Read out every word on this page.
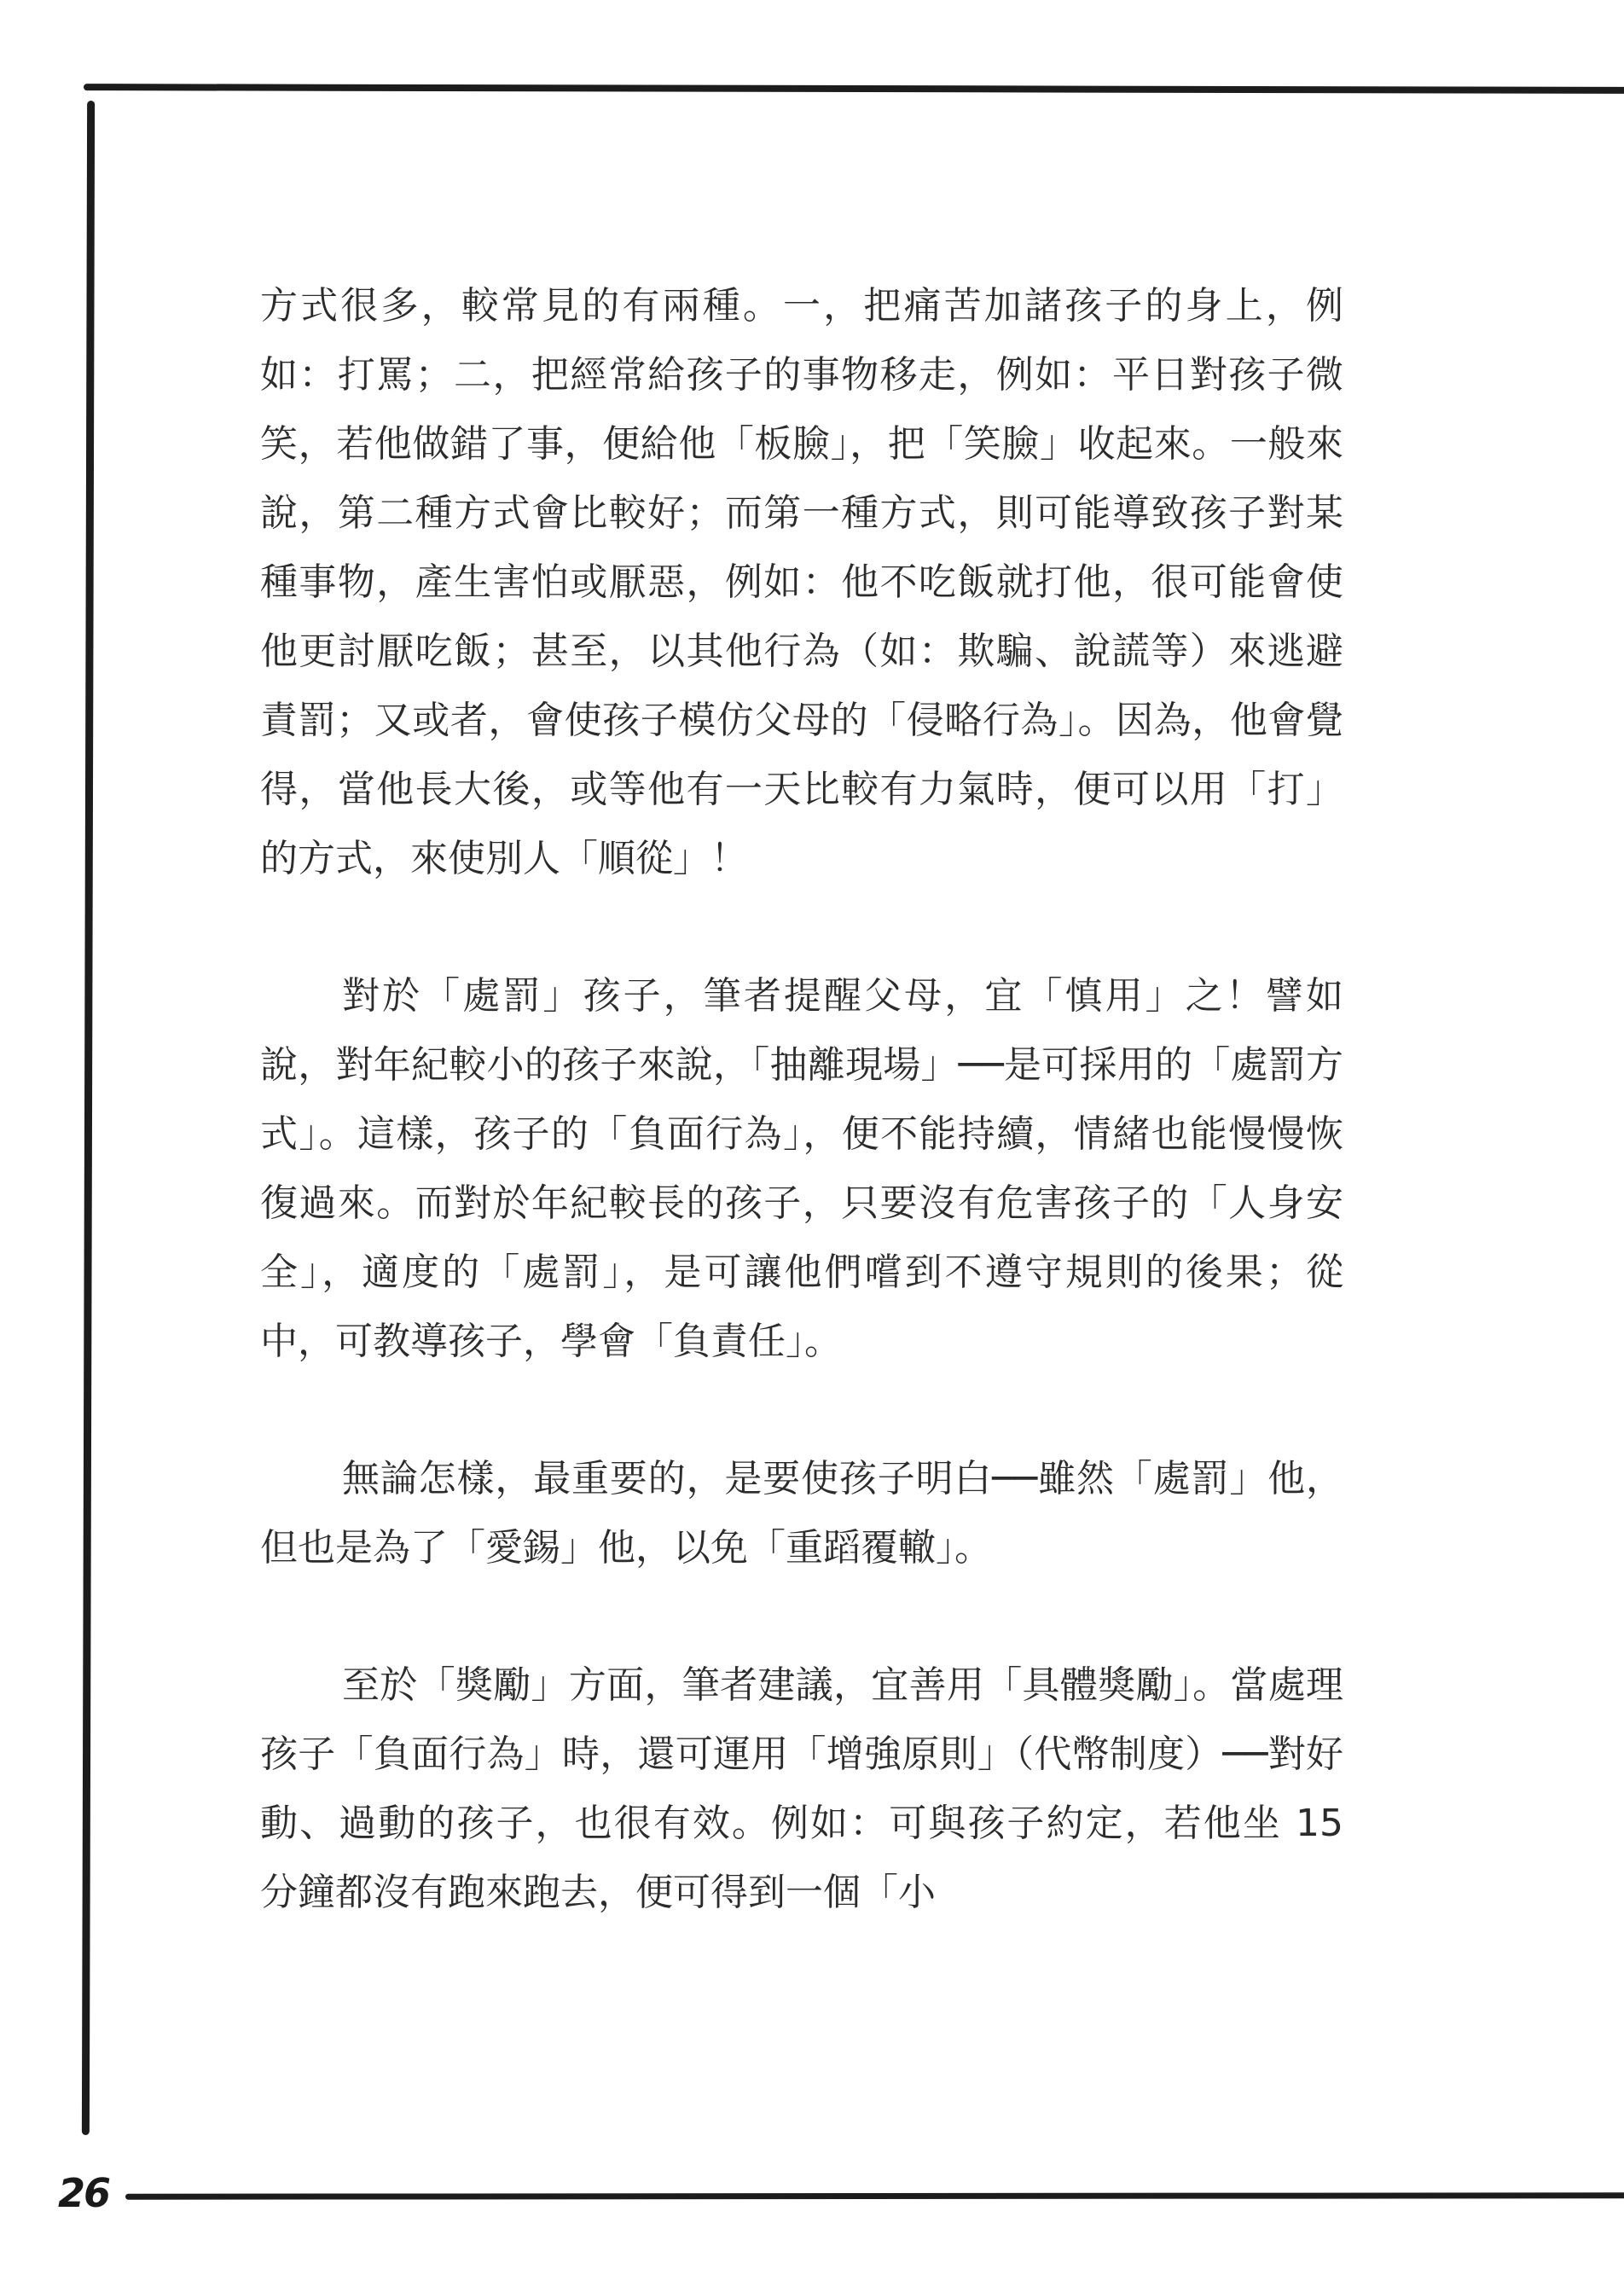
方式很多，較常見的有兩種。一，把痛苦加諸孩子的身上，例如：打罵；二，把經常給孩子的事物移走，例如：平日對孩子微笑，若他做錯了事，便給他「板臉」，把「笑臉」收起來。一般來說，第二種方式會比較好；而第一種方式，則可能導致孩子對某種事物，產生害怕或厭惡，例如：他不吃飯就打他，很可能會使他更討厭吃飯；甚至，以其他行為（如：欺騙、說謊等）來逃避責罰；又或者，會使孩子模仿父母的「侵略行為」。因為，他會覺得，當他長大後，或等他有一天比較有力氣時，便可以用「打」的方式，來使別人「順從」！

對於「處罰」孩子，筆者提醒父母，宜「慎用」之！譬如說，對年紀較小的孩子來說，「抽離現場」──是可採用的「處罰方式」。這樣，孩子的「負面行為」，便不能持續，情緒也能慢慢恢復過來。而對於年紀較長的孩子，只要沒有危害孩子的「人身安全」，適度的「處罰」，是可讓他們嚐到不遵守規則的後果；從中，可教導孩子，學會「負責任」。

無論怎樣，最重要的，是要使孩子明白──雖然「處罰」他，但也是為了「愛錫」他，以免「重蹈覆轍」。

至於「獎勵」方面，筆者建議，宜善用「具體獎勵」。當處理孩子「負面行為」時，還可運用「增強原則」（代幣制度）──對好動、過動的孩子，也很有效。例如：可與孩子約定，若他坐 15 分鐘都沒有跑來跑去，便可得到一個「小

26
